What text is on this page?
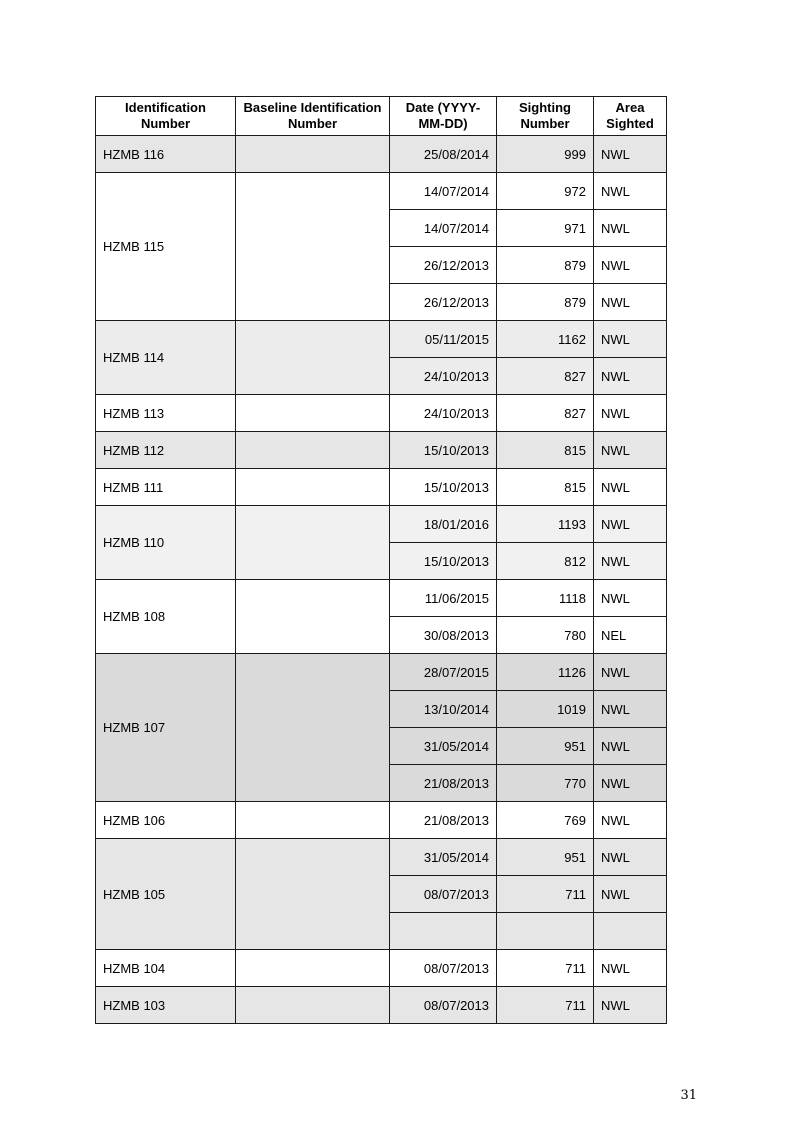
Identification Number	Baseline Identification Number	Date (YYYY-MM-DD)	Sighting Number	Area Sighted
HZMB 116		25/08/2014	999	NWL
HZMB 115		14/07/2014	972	NWL
		14/07/2014	971	NWL
		26/12/2013	879	NWL
		26/12/2013	879	NWL
HZMB 114		05/11/2015	1162	NWL
		24/10/2013	827	NWL
HZMB 113		24/10/2013	827	NWL
HZMB 112		15/10/2013	815	NWL
HZMB 111		15/10/2013	815	NWL
HZMB 110		18/01/2016	1193	NWL
		15/10/2013	812	NWL
HZMB 108		11/06/2015	1118	NWL
		30/08/2013	780	NEL
HZMB 107		28/07/2015	1126	NWL
		13/10/2014	1019	NWL
		31/05/2014	951	NWL
		21/08/2013	770	NWL
HZMB 106		21/08/2013	769	NWL
HZMB 105		31/05/2014	951	NWL
		08/07/2013	711	NWL

HZMB 104		08/07/2013	711	NWL
HZMB 103		08/07/2013	711	NWL
31
